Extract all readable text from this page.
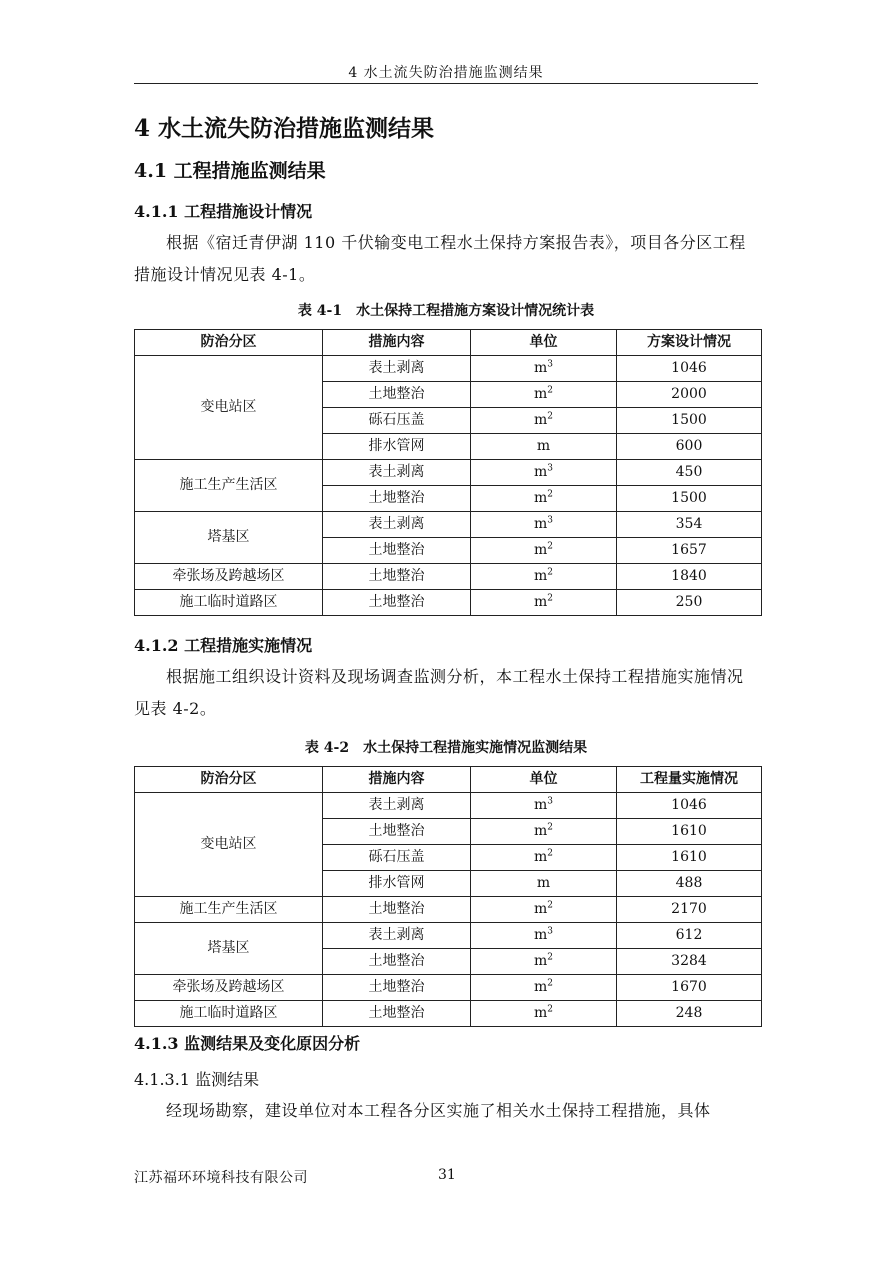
4 水土流失防治措施监测结果
4 水土流失防治措施监测结果
4.1 工程措施监测结果
4.1.1 工程措施设计情况

根据《宿迁青伊湖 110 千伏输变电工程水土保持方案报告表》，项目各分区工程措施设计情况见表 4-1。

表 4-1　水土保持工程措施方案设计情况统计表
防治分区	措施内容	单位	方案设计情况
变电站区	表土剥离	$m^3$	1046
	土地整治	$m^2$	2000
	砾石压盖	$m^2$	1500
	排水管网	m	600
施工生产生活区	表土剥离	$m^3$	450
	土地整治	$m^2$	1500
塔基区	表土剥离	$m^3$	354
	土地整治	$m^2$	1657
牵张场及跨越场区	土地整治	$m^2$	1840
施工临时道路区	土地整治	$m^2$	250
4.1.2 工程措施实施情况

根据施工组织设计资料及现场调查监测分析，本工程水土保持工程措施实施情况见表 4-2。

表 4-2　水土保持工程措施实施情况监测结果
防治分区	措施内容	单位	工程量实施情况
变电站区	表土剥离	$m^3$	1046
	土地整治	$m^2$	1610
	砾石压盖	$m^2$	1610
	排水管网	m	488
施工生产生活区	土地整治	$m^2$	2170
塔基区	表土剥离	$m^3$	612
	土地整治	$m^2$	3284
牵张场及跨越场区	土地整治	$m^2$	1670
施工临时道路区	土地整治	$m^2$	248
4.1.3 监测结果及变化原因分析
4.1.3.1 监测结果

经现场勘察，建设单位对本工程各分区实施了相关水土保持工程措施，具体

江苏福环环境科技有限公司	31
